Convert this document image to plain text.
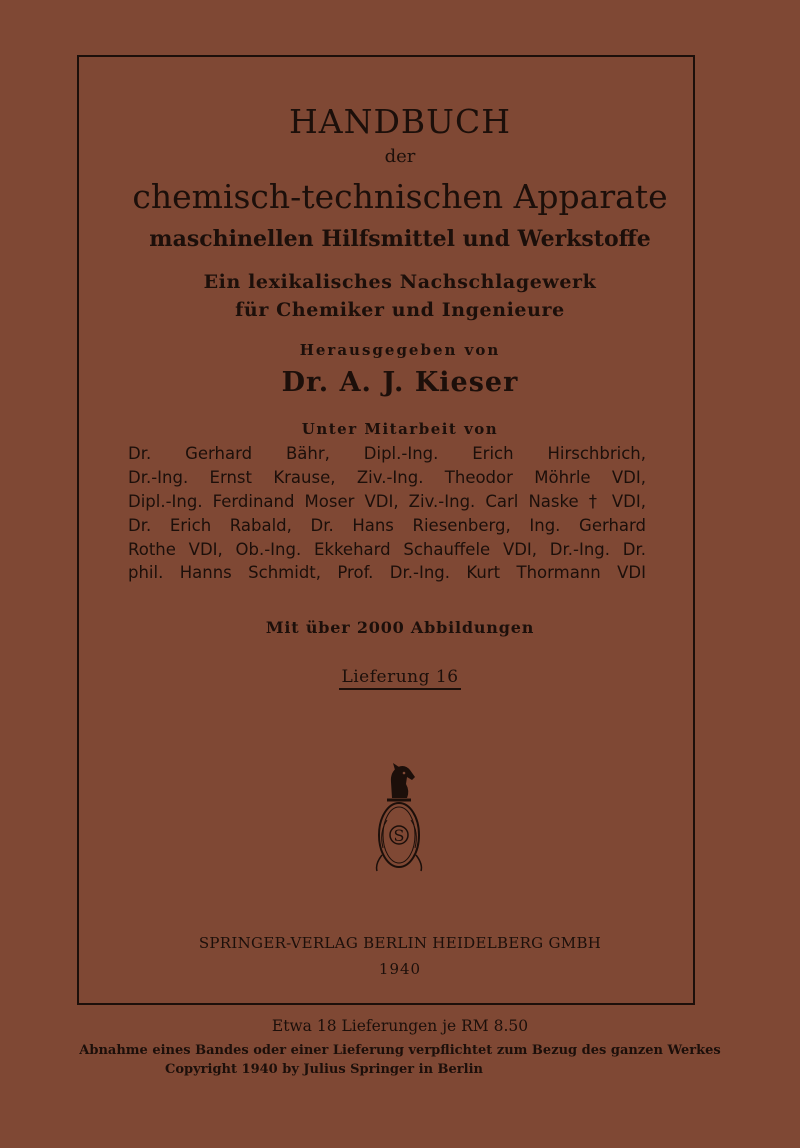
HANDBUCH

der

chemisch-technischen Apparate

maschinellen Hilfsmittel und Werkstoffe

Ein lexikalisches Nachschlagewerk

für Chemiker und Ingenieure

Herausgegeben von

Dr. A. J. Kieser

Unter Mitarbeit von

Dr. Gerhard Bähr, Dipl.-Ing. Erich Hirschbrich,

Dr.-Ing. Ernst Krause, Ziv.-Ing. Theodor Möhrle VDI,

Dipl.-Ing. Ferdinand Moser VDI, Ziv.-Ing. Carl Naske † VDI,

Dr. Erich Rabald, Dr. Hans Riesenberg, Ing. Gerhard

Rothe VDI, Ob.-Ing. Ekkehard Schauffele VDI, Dr.-Ing. Dr.

phil. Hanns Schmidt, Prof. Dr.-Ing. Kurt Thormann VDI

Mit über 2000 Abbildungen

Lieferung 16

S

SPRINGER-VERLAG BERLIN HEIDELBERG GMBH

1940

Etwa 18 Lieferungen je RM 8.50

Abnahme eines Bandes oder einer Lieferung verpflichtet zum Bezug des ganzen Werkes

Copyright 1940 by Julius Springer in Berlin
